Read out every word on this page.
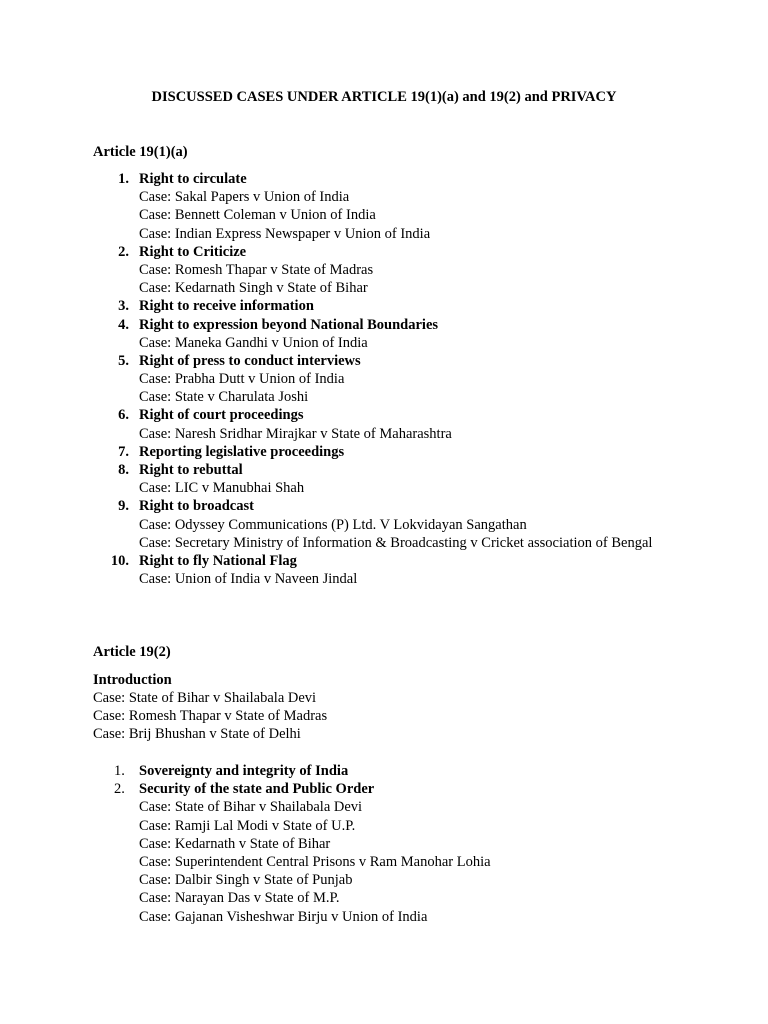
DISCUSSED CASES UNDER ARTICLE 19(1)(a) and 19(2) and PRIVACY
Article 19(1)(a)
1. Right to circulate
Case: Sakal Papers v Union of India
Case: Bennett Coleman v Union of India
Case: Indian Express Newspaper v Union of India
2. Right to Criticize
Case: Romesh Thapar v State of Madras
Case: Kedarnath Singh v State of Bihar
3. Right to receive information
4. Right to expression beyond National Boundaries
Case: Maneka Gandhi v Union of India
5. Right of press to conduct interviews
Case: Prabha Dutt v Union of India
Case: State v Charulata Joshi
6. Right of court proceedings
Case: Naresh Sridhar Mirajkar v State of Maharashtra
7. Reporting legislative proceedings
8. Right to rebuttal
Case: LIC v Manubhai Shah
9. Right to broadcast
Case: Odyssey Communications (P) Ltd. V Lokvidayan Sangathan
Case: Secretary Ministry of Information & Broadcasting v Cricket association of Bengal
10. Right to fly National Flag
Case: Union of India v Naveen Jindal
Article 19(2)
Introduction
Case: State of Bihar v Shailabala Devi
Case: Romesh Thapar v State of Madras
Case: Brij Bhushan v State of Delhi
1. Sovereignty and integrity of India
2. Security of the state and Public Order
Case: State of Bihar v Shailabala Devi
Case: Ramji Lal Modi v State of U.P.
Case: Kedarnath v State of Bihar
Case: Superintendent Central Prisons v Ram Manohar Lohia
Case: Dalbir Singh v State of Punjab
Case: Narayan Das v State of M.P.
Case: Gajanan Visheshwar Birju v Union of India
